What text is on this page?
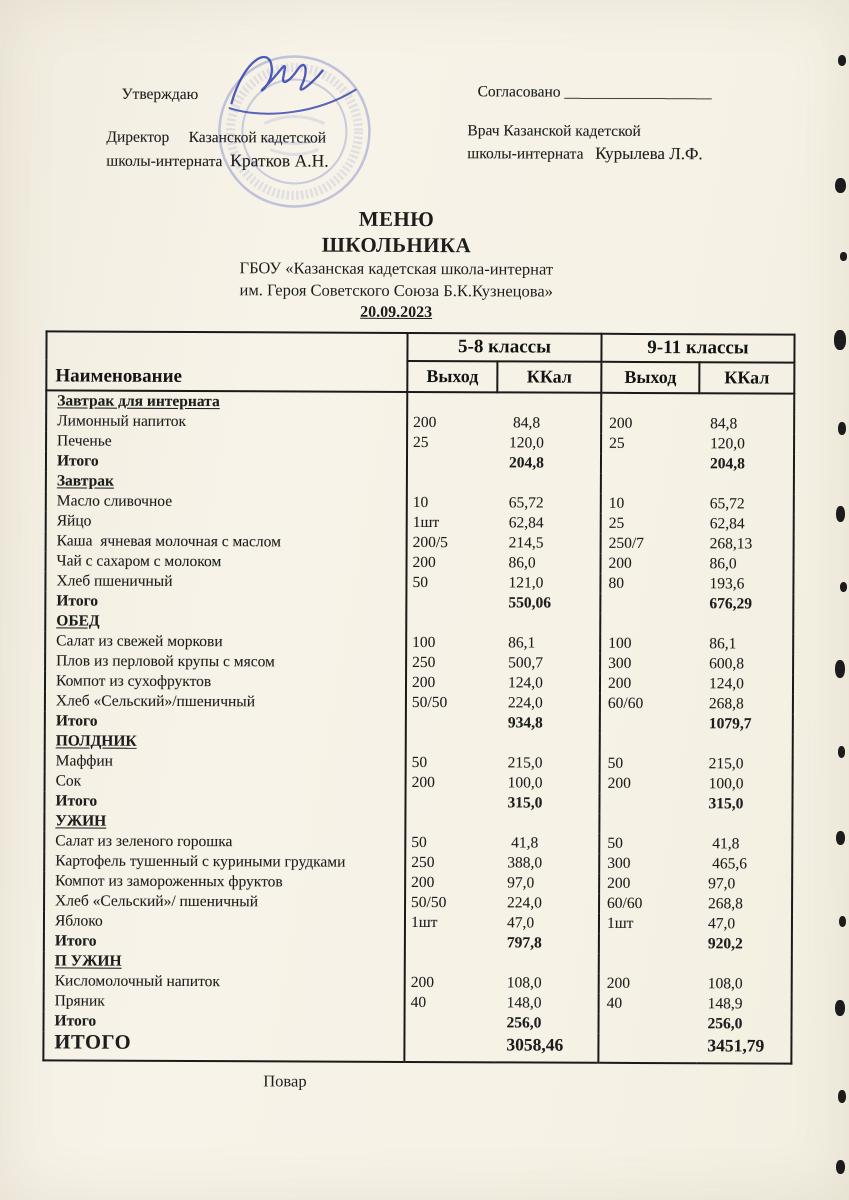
Утверждаю
Директор     Казанской кадетской
школы-интерната  Кратков А.Н.
Согласовано ___________________
Врач Казанской кадетской
школы-интерната   Курылева Л.Ф.
МЕНЮ
ШКОЛЬНИКА
ГБОУ «Казанская кадетская школа-интернат
им. Героя Советского Союза Б.К.Кузнецова»
20.09.2023
Наименование	5-8 классы		9-11 классы	
	Выход	ККал	Выход	ККал
Завтрак для интерната				
Лимонный напиток	200	84,8	200	84,8
Печенье	25	120,0	25	120,0
Итого		204,8		204,8
Завтрак				
Масло сливочное	10	65,72	10	65,72
Яйцо	1шт	62,84	25	62,84
Каша  ячневая молочная с маслом	200/5	214,5	250/7	268,13
Чай с сахаром с молоком	200	86,0	200	86,0
Хлеб пшеничный	50	121,0	80	193,6
Итого		550,06		676,29
ОБЕД				
Салат из свежей моркови	100	86,1	100	86,1
Плов из перловой крупы с мясом	250	500,7	300	600,8
Компот из сухофруктов	200	124,0	200	124,0
Хлеб «Сельский»/пшеничный	50/50	224,0	60/60	268,8
Итого		934,8		1079,7
ПОЛДНИК				
Маффин	50	215,0	50	215,0
Сок	200	100,0	200	100,0
Итого		315,0		315,0
УЖИН				
Салат из зеленого горошка	50	41,8	50	41,8
Картофель тушенный с куриными грудками	250	388,0	300	465,6
Компот из замороженных фруктов	200	97,0	200	97,0
Хлеб «Сельский»/ пшеничный	50/50	224,0	60/60	268,8
Яблоко	1шт	47,0	1шт	47,0
Итого		797,8		920,2
П УЖИН				
Кисломолочный напиток	200	108,0	200	108,0
Пряник	40	148,0	40	148,9
Итого		256,0		256,0
ИТОГО		3058,46		3451,79
Повар
